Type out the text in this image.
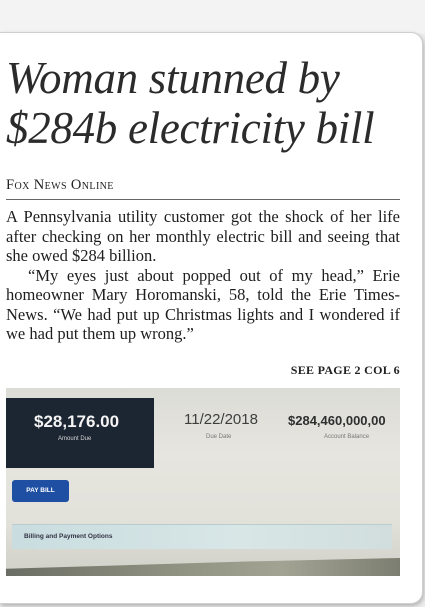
Woman stunned by $284b electricity bill
Fox News Online

A Pennsylvania utility customer got the shock of her life after checking on her monthly electric bill and seeing that she owed $284 billion.

“My eyes just about popped out of my head,” Erie homeowner Mary Horomanski, 58, told the Erie Times-News. “We had put up Christmas lights and I wondered if we had put them up wrong.”

SEE PAGE 2 COL 6
$28,176.00
Amount Due
11/22/2018
Due Date
$284,460,000,00
Account Balance
PAY BILL
Billing and Payment Options
